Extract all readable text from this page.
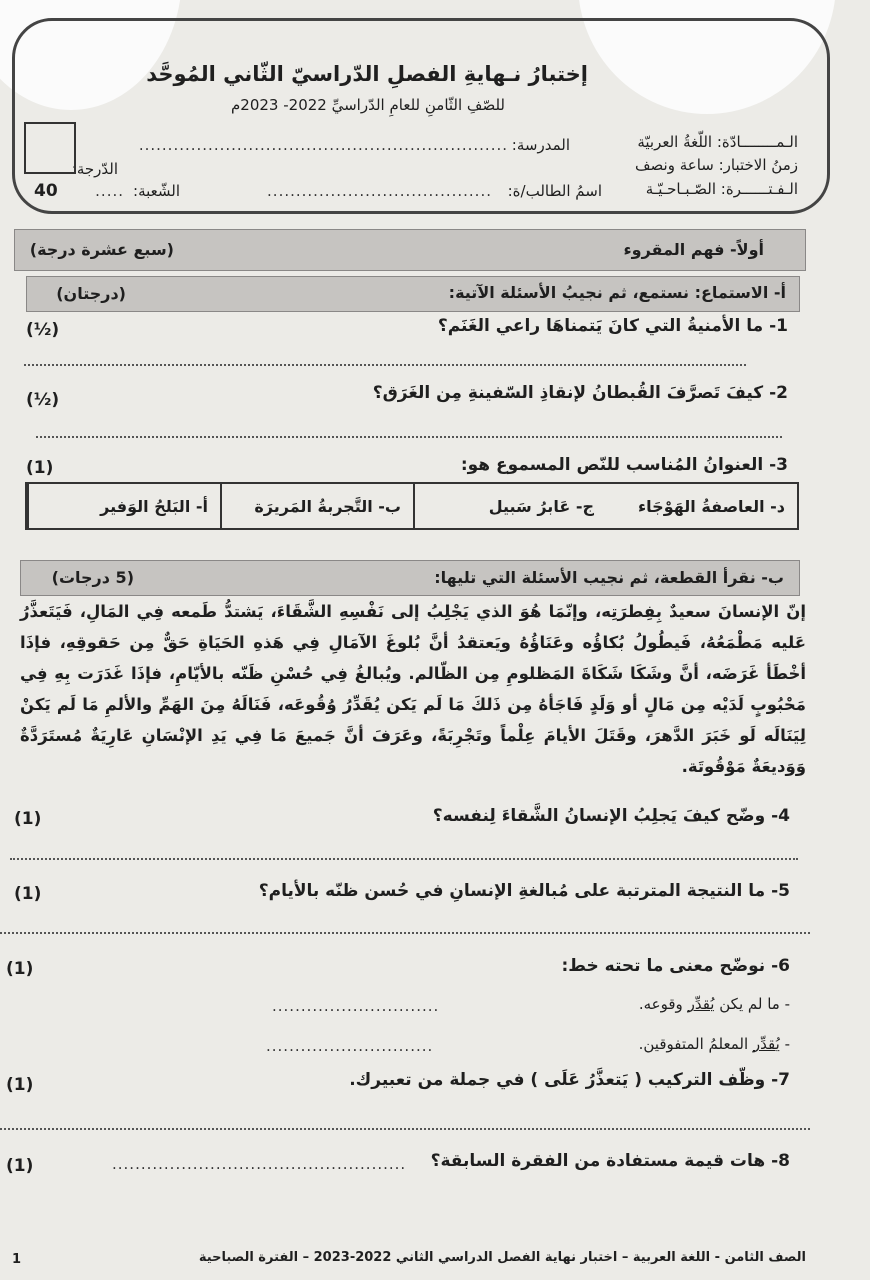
إختبارُ نـهايةِ الفصلِ الدّراسيّ الثّاني المُوحَّد
للصّفِ الثّامنِ للعامِ الدّراسيِّ 2022- 2023م
الـمــــــــادّة: اللّغةُ العربيّة
زمنُ الاختبار: ساعة ونصف
الـفـتــــــرة: الصّـبـاحـيّـة
المدرسة:
................................................................
اسمُ الطالب/ة:
.......................................
الشّعبة:
.....
الدّرجة:
40
أولاً- فهم المقروء
(سبع عشرة درجة)
أ- الاستماع: نستمع، ثم نجيبُ الأسئلة الآتية:
(درجتان)
1- ما الأمنيةُ التي كانَ يَتمناهَا راعي الغَنَم؟
(½)
2- كيفَ تَصرَّفَ القُبطانُ لإنقاذِ السّفينةِ مِن الغَرَق؟
(½)
3- العنوانُ المُناسب للنّص المسموع هو:
(1)
أ- البَلحُ الوَفير	ب- التَّجربةُ المَريرَة	ج- عَابرُ سَبيل	د- العاصفةُ الهَوْجَاء
ب- نقرأ القطعة، ثم نجيب الأسئلة التي تليها:
(5 درجات)
إنّ الإنسانَ سعيدٌ بِفِطرَتِه، وإنّمَا هُوَ الذي يَجْلِبُ إلى نَفْسِهِ الشَّقَاءَ، يَشتدُّ طَمعه فِي المَالِ، فَيَتَعذَّرُ عَليه مَطْمَعُهُ، فَيطُولُ بُكاؤُه وعَنَاؤُهُ ويَعتقدُ أنَّ بُلوغَ الآمَالِ فِي هَذهِ الحَيَاةِ حَقٌّ مِن حَقوقِهِ، فإذَا أخْطَأ غَرَضَه، أنَّ وشَكَا شَكَاةَ المَظلومِ مِن الظّالم. ويُبالغُ فِي حُسْنِ ظَنّه بالأيّامِ، فإذَا غَدَرَت بِهِ فِي مَحْبُوبٍ لَدَيْه مِن مَالٍ أو وَلَدٍ فَاجَأهُ مِن ذَلكَ مَا لَم يَكن يُقَدِّرُ وُقُوعَه، فَنَالَهُ مِنَ الهَمِّ والألمِ مَا لَم يَكنْ لِيَنَالَه لَو خَبَرَ الدَّهرَ، وقَتَلَ الأيامَ عِلْماً وتَجْرِبَةً، وعَرَفَ أنَّ جَميعَ مَا فِي يَدِ الإنْسَانِ عَارِيَةٌ مُستَرَدَّةٌ وَوَديعَةٌ مَوْقُوتَة.
4- وضّح كيفَ يَجلِبُ الإنسانُ الشَّقاءَ لِنفسه؟
(1)
5- ما النتيجة المترتبة على مُبالغةِ الإنسانِ في حُسن ظنّه بالأيام؟
(1)
6- نوضّح معنى ما تحته خط:
(1)
- ما لم يكن يُقدِّر وقوعه.
.............................
- يُقدِّر المعلمُ المتفوقين.
.............................
7- وظّف التركيب ( يَتعذَّرُ عَلَى ) في جملة من تعبيرك.
(1)
8- هات قيمة مستفادة من الفقرة السابقة؟
...................................................
(1)
الصف الثامن - اللغة العربية – اختبار نهاية الفصل الدراسي الثاني 2022-2023 – الفترة الصباحية
1
